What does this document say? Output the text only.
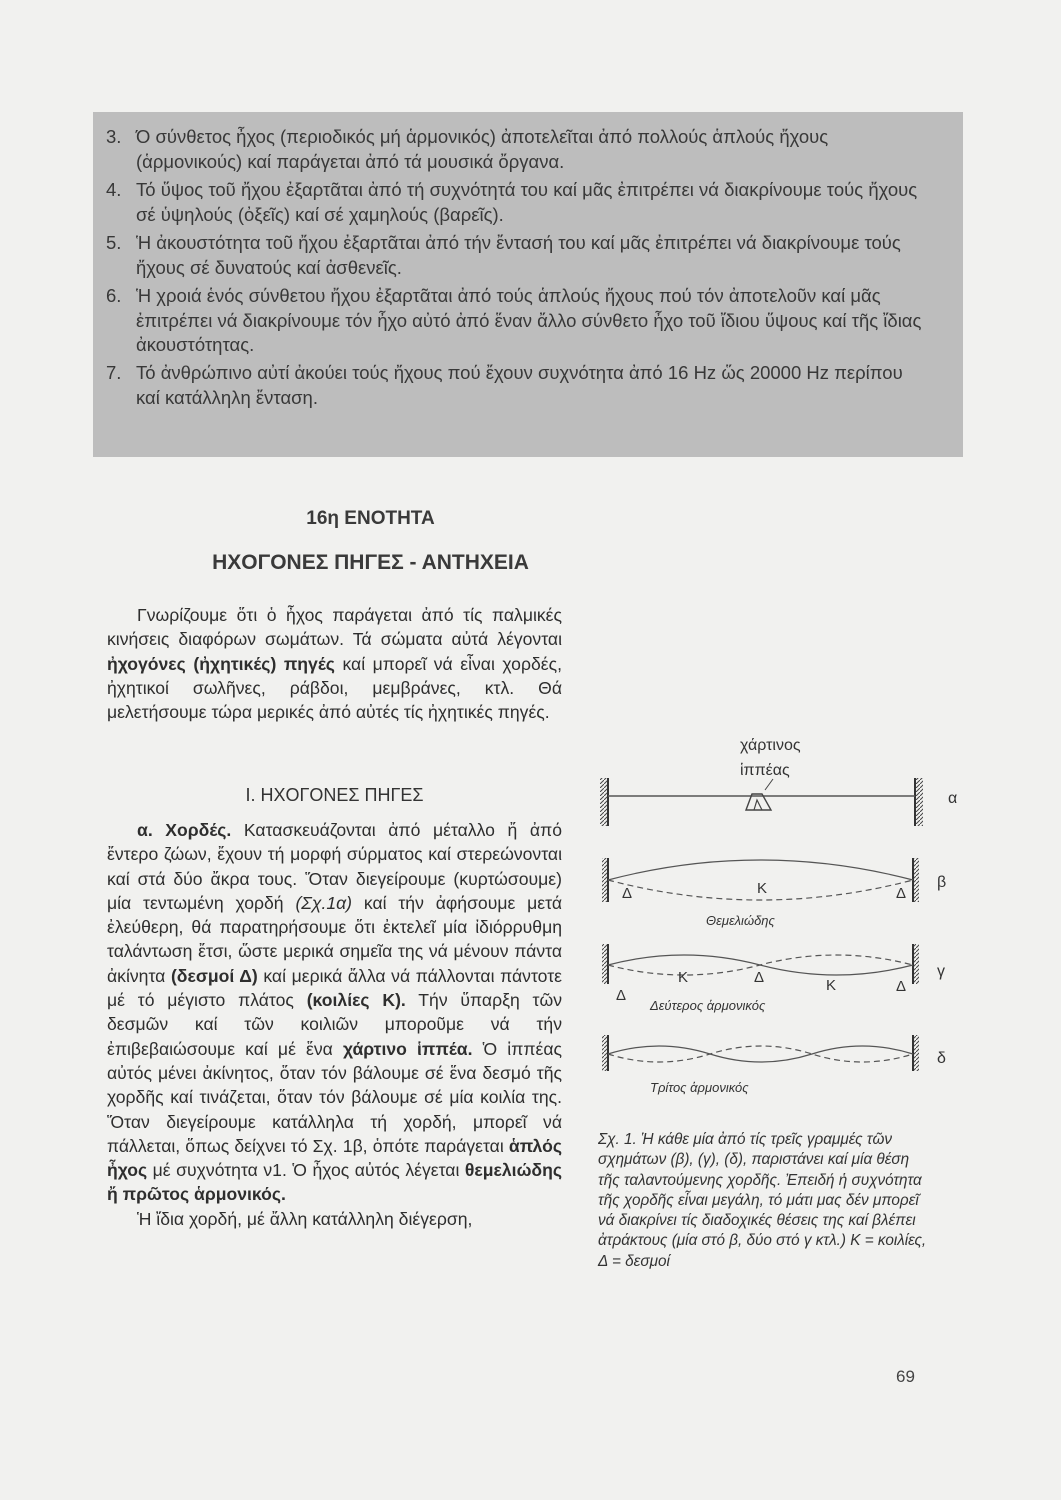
3. Ό σύνθετος ἦχος (περιοδικός μή ἁρμονικός) ἀποτελεῖται ἀπό πολλούς ἁπλούς ἤχους (ἁρμονικούς) καί παράγεται ἀπό τά μουσικά ὄργανα.
4. Τό ὕψος τοῦ ἤχου ἐξαρτᾶται ἀπό τή συχνότητά του καί μᾶς ἐπιτρέπει νά διακρίνουμε τούς ἤχους σέ ὑψηλούς (ὀξεῖς) καί σέ χαμηλούς (βαρεῖς).
5. Ἡ ἀκουστότητα τοῦ ἤχου ἐξαρτᾶται ἀπό τήν ἔντασή του καί μᾶς ἐπιτρέπει νά διακρίνουμε τούς ἤχους σέ δυνατούς καί ἀσθενεῖς.
6. Ἡ χροιά ἑνός σύνθετου ἤχου ἐξαρτᾶται ἀπό τούς ἁπλούς ἤχους πού τόν ἀποτελοῦν καί μᾶς ἐπιτρέπει νά διακρίνουμε τόν ἦχο αὐτό ἀπό ἕναν ἄλλο σύνθετο ἦχο τοῦ ἴδιου ὕψους καί τῆς ἴδιας ἀκουστότητας.
7. Τό ἀνθρώπινο αὐτί ἀκούει τούς ἤχους πού ἔχουν συχνότητα ἀπό 16 Hz ὥς 20000 Hz περίπου καί κατάλληλη ἔνταση.
16η ΕΝΟΤΗΤΑ
ΗΧΟΓΟΝΕΣ ΠΗΓΕΣ - ΑΝΤΗΧΕΙΑ

Γνωρίζουμε ὅτι ὁ ἦχος παράγεται ἀπό τίς παλμικές κινήσεις διαφόρων σωμάτων. Τά σώματα αὐτά λέγονται ἠχογόνες (ἠχητικές) πηγές καί μπορεῖ νά εἶναι χορδές, ἠχητικοί σωλῆνες, ράβδοι, μεμβράνες, κτλ. Θά μελετήσουμε τώρα μερικές ἀπό αὐτές τίς ἠχητικές πηγές.

Ι. ΗΧΟΓΟΝΕΣ ΠΗΓΕΣ

α. Χορδές. Κατασκευάζονται ἀπό μέταλλο ἤ ἀπό ἔντερο ζώων, ἔχουν τή μορφή σύρματος καί στερεώνονται καί στά δύο ἄκρα τους. Ὅταν διεγείρουμε (κυρτώσουμε) μία τεντωμένη χορδή (Σχ.1α) καί τήν ἀφήσουμε μετά ἐλεύθερη, θά παρατηρήσουμε ὅτι ἐκτελεῖ μία ἰδιόρρυθμη ταλάντωση ἔτσι, ὥστε μερικά σημεῖα της νά μένουν πάντα ἀκίνητα (δεσμοί Δ) καί μερικά ἄλλα νά πάλλονται πάντοτε μέ τό μέγιστο πλάτος (κοιλίες Κ). Τήν ὕπαρξη τῶν δεσμῶν καί τῶν κοιλιῶν μποροῦμε νά τήν ἐπιβεβαιώσουμε καί μέ ἕνα χάρτινο ἱππέα. Ὁ ἱππέας αὐτός μένει ἀκίνητος, ὅταν τόν βάλουμε σέ ἕνα δεσμό τῆς χορδῆς καί τινάζεται, ὅταν τόν βάλουμε σέ μία κοιλία της. Ὅταν διεγείρουμε κατάλληλα τή χορδή, μπορεῖ νά πάλλεται, ὅπως δείχνει τό Σχ. 1β, ὁπότε παράγεται ἁπλός ἦχος μέ συχνότητα ν1. Ὁ ἦχος αὐτός λέγεται θεμελιώδης ἤ πρῶτος ἁρμονικός.

Ἡ ἴδια χορδή, μέ ἄλλη κατάλληλη διέγερση,

χάρτινος
ἱππέας
α
Δ	Κ	Δ
Θεμελιώδης
β
Δ
Κ	Δ	Κ	Δ
Δεύτερος ἁρμονικός
γ
Τρίτος ἁρμονικός
δ
Σχ. 1. Ἡ κάθε μία ἀπό τίς τρεῖς γραμμές τῶν σχημάτων (β), (γ), (δ), παριστάνει καί μία θέση τῆς ταλαντούμενης χορδῆς. Ἐπειδή ἡ συχνότητα τῆς χορδῆς εἶναι μεγάλη, τό μάτι μας δέν μπορεῖ νά διακρίνει τίς διαδοχικές θέσεις της καί βλέπει ἀτράκτους (μία στό β, δύο στό γ κτλ.) Κ = κοιλίες, Δ = δεσμοί
69
